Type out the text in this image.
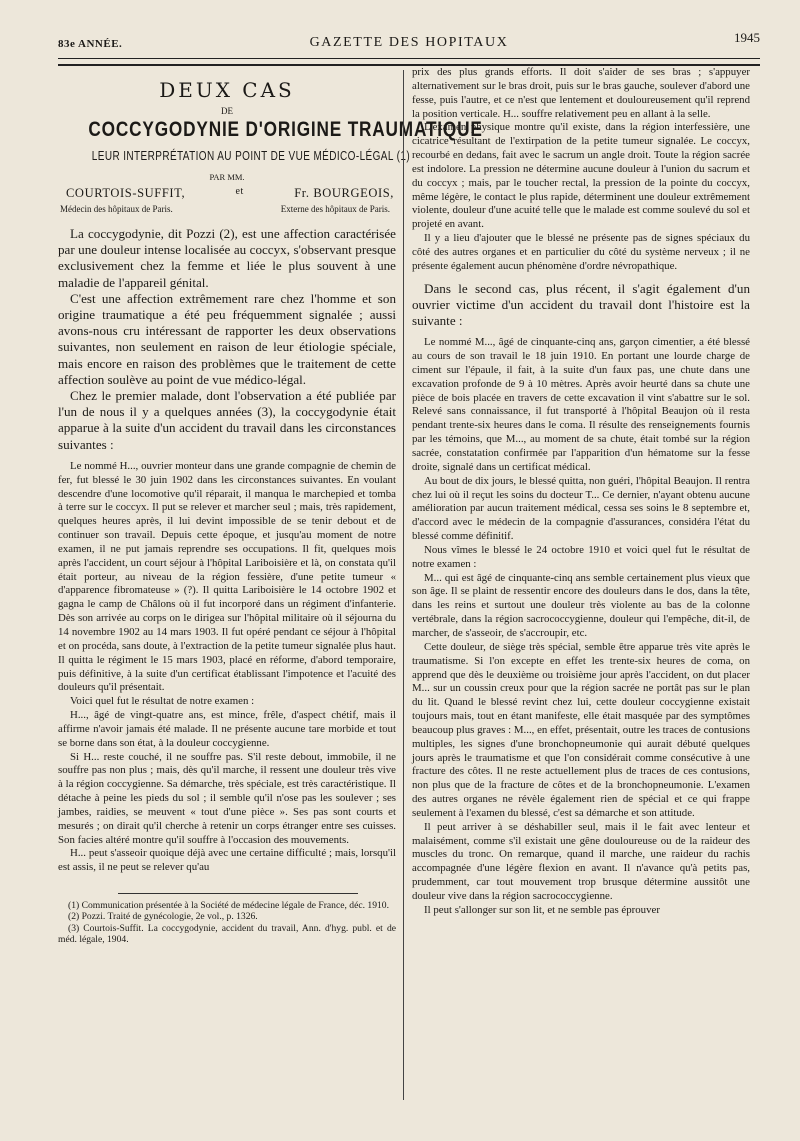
83e ANNÉE.	GAZETTE DES HOPITAUX	1945
DEUX CAS
DE
COCCYGODYNIE D'ORIGINE TRAUMATIQUE
LEUR INTERPRÉTATION AU POINT DE VUE MÉDICO-LÉGAL (1)
PAR MM.
COURTOIS-SUFFIT,	et	Fr. BOURGEOIS,
Médecin des hôpitaux de Paris.	Externe des hôpitaux de Paris.

La coccygodynie, dit Pozzi (2), est une affection caractérisée par une douleur intense localisée au coccyx, s'observant presque exclusivement chez la femme et liée le plus souvent à une maladie de l'appareil génital.

C'est une affection extrêmement rare chez l'homme et son origine traumatique a été peu fréquemment signalée ; aussi avons-nous cru intéressant de rapporter les deux observations suivantes, non seulement en raison de leur étiologie spéciale, mais encore en raison des problèmes que le traitement de cette affection soulève au point de vue médico-légal.

Chez le premier malade, dont l'observation a été publiée par l'un de nous il y a quelques années (3), la coccygodynie était apparue à la suite d'un accident du travail dans les circonstances suivantes :

Le nommé H..., ouvrier monteur dans une grande compagnie de chemin de fer, fut blessé le 30 juin 1902 dans les circonstances suivantes. En voulant descendre d'une locomotive qu'il réparait, il manqua le marchepied et tomba à terre sur le coccyx. Il put se relever et marcher seul ; mais, très rapidement, quelques heures après, il lui devint impossible de se tenir debout et de continuer son travail. Depuis cette époque, et jusqu'au moment de notre examen, il ne put jamais reprendre ses occupations. Il fit, quelques mois après l'accident, un court séjour à l'hôpital Lariboisière et là, on constata qu'il était porteur, au niveau de la région fessière, d'une petite tumeur « d'apparence fibromateuse » (?). Il quitta Lariboisière le 14 octobre 1902 et gagna le camp de Châlons où il fut incorporé dans un régiment d'infanterie. Dès son arrivée au corps on le dirigea sur l'hôpital militaire où il séjourna du 14 novembre 1902 au 14 mars 1903. Il fut opéré pendant ce séjour à l'hôpital et on procéda, sans doute, à l'extraction de la petite tumeur signalée plus haut. Il quitta le régiment le 15 mars 1903, placé en réforme, d'abord temporaire, puis définitive, à la suite d'un certificat établissant l'impotence et l'acuité des douleurs qu'il présentait.

Voici quel fut le résultat de notre examen :

H..., âgé de vingt-quatre ans, est mince, frêle, d'aspect chétif, mais il affirme n'avoir jamais été malade. Il ne présente aucune tare morbide et tout se borne dans son état, à la douleur coccygienne.

Si H... reste couché, il ne souffre pas. S'il reste debout, immobile, il ne souffre pas non plus ; mais, dès qu'il marche, il ressent une douleur très vive à la région coccygienne. Sa démarche, très spéciale, est très caractéristique. Il détache à peine les pieds du sol ; il semble qu'il n'ose pas les soulever ; ses jambes, raidies, se meuvent « tout d'une pièce ». Ses pas sont courts et mesurés ; on dirait qu'il cherche à retenir un corps étranger entre ses cuisses. Son facies altéré montre qu'il souffre à l'occasion des mouvements.

H... peut s'asseoir quoique déjà avec une certaine difficulté ; mais, lorsqu'il est assis, il ne peut se relever qu'au

(1) Communication présentée à la Société de médecine légale de France, déc. 1910.

(2) Pozzi. Traité de gynécologie, 2e vol., p. 1326.

(3) Courtois-Suffit. La coccygodynie, accident du travail, Ann. d'hyg. publ. et de méd. légale, 1904.

prix des plus grands efforts. Il doit s'aider de ses bras ; s'appuyer alternativement sur le bras droit, puis sur le bras gauche, soulever d'abord une fesse, puis l'autre, et ce n'est que lentement et douloureusement qu'il reprend la position verticale. H... souffre relativement peu en allant à la selle.

L'examen physique montre qu'il existe, dans la région interfessière, une cicatrice résultant de l'extirpation de la petite tumeur signalée. Le coccyx, recourbé en dedans, fait avec le sacrum un angle droit. Toute la région sacrée est indolore. La pression ne détermine aucune douleur à l'union du sacrum et du coccyx ; mais, par le toucher rectal, la pression de la pointe du coccyx, même légère, le contact le plus rapide, déterminent une douleur extrêmement violente, douleur d'une acuité telle que le malade est comme soulevé du sol et projeté en avant.

Il y a lieu d'ajouter que le blessé ne présente pas de signes spéciaux du côté des autres organes et en particulier du côté du système nerveux ; il ne présente également aucun phénomène d'ordre névropathique.

Dans le second cas, plus récent, il s'agit également d'un ouvrier victime d'un accident du travail dont l'histoire est la suivante :

Le nommé M..., âgé de cinquante-cinq ans, garçon cimentier, a été blessé au cours de son travail le 18 juin 1910. En portant une lourde charge de ciment sur l'épaule, il fait, à la suite d'un faux pas, une chute dans une excavation profonde de 9 à 10 mètres. Après avoir heurté dans sa chute une pièce de bois placée en travers de cette excavation il vint s'abattre sur le sol. Relevé sans connaissance, il fut transporté à l'hôpital Beaujon où il resta pendant trente-six heures dans le coma. Il résulte des renseignements fournis par les témoins, que M..., au moment de sa chute, était tombé sur la région sacrée, constatation confirmée par l'apparition d'un hématome sur la fesse droite, signalé dans un certificat médical.

Au bout de dix jours, le blessé quitta, non guéri, l'hôpital Beaujon. Il rentra chez lui où il reçut les soins du docteur T... Ce dernier, n'ayant obtenu aucune amélioration par aucun traitement médical, cessa ses soins le 8 septembre et, d'accord avec le médecin de la compagnie d'assurances, considéra l'état du blessé comme définitif.

Nous vîmes le blessé le 24 octobre 1910 et voici quel fut le résultat de notre examen :

M... qui est âgé de cinquante-cinq ans semble certainement plus vieux que son âge. Il se plaint de ressentir encore des douleurs dans le dos, dans la tête, dans les reins et surtout une douleur très violente au bas de la colonne vertébrale, dans la région sacrococcygienne, douleur qui l'empêche, dit-il, de marcher, de s'asseoir, de s'accroupir, etc.

Cette douleur, de siège très spécial, semble être apparue très vite après le traumatisme. Si l'on excepte en effet les trente-six heures de coma, on apprend que dès le deuxième ou troisième jour après l'accident, on dut placer M... sur un coussin creux pour que la région sacrée ne portât pas sur le plan du lit. Quand le blessé revint chez lui, cette douleur coccygienne existait toujours mais, tout en étant manifeste, elle était masquée par des symptômes beaucoup plus graves : M..., en effet, présentait, outre les traces de contusions multiples, les signes d'une bronchopneumonie qui aurait débuté quelques jours après le traumatisme et que l'on considérait comme consécutive à une fracture des côtes. Il ne reste actuellement plus de traces de ces contusions, non plus que de la fracture de côtes et de la bronchopneumonie. L'examen des autres organes ne révèle également rien de spécial et ce qui frappe seulement à l'examen du blessé, c'est sa démarche et son attitude.

Il peut arriver à se déshabiller seul, mais il le fait avec lenteur et malaisément, comme s'il existait une gêne douloureuse ou de la raideur des muscles du tronc. On remarque, quand il marche, une raideur du rachis accompagnée d'une légère flexion en avant. Il n'avance qu'à petits pas, prudemment, car tout mouvement trop brusque détermine aussitôt une douleur vive dans la région sacrococcygienne.

Il peut s'allonger sur son lit, et ne semble pas éprouver
